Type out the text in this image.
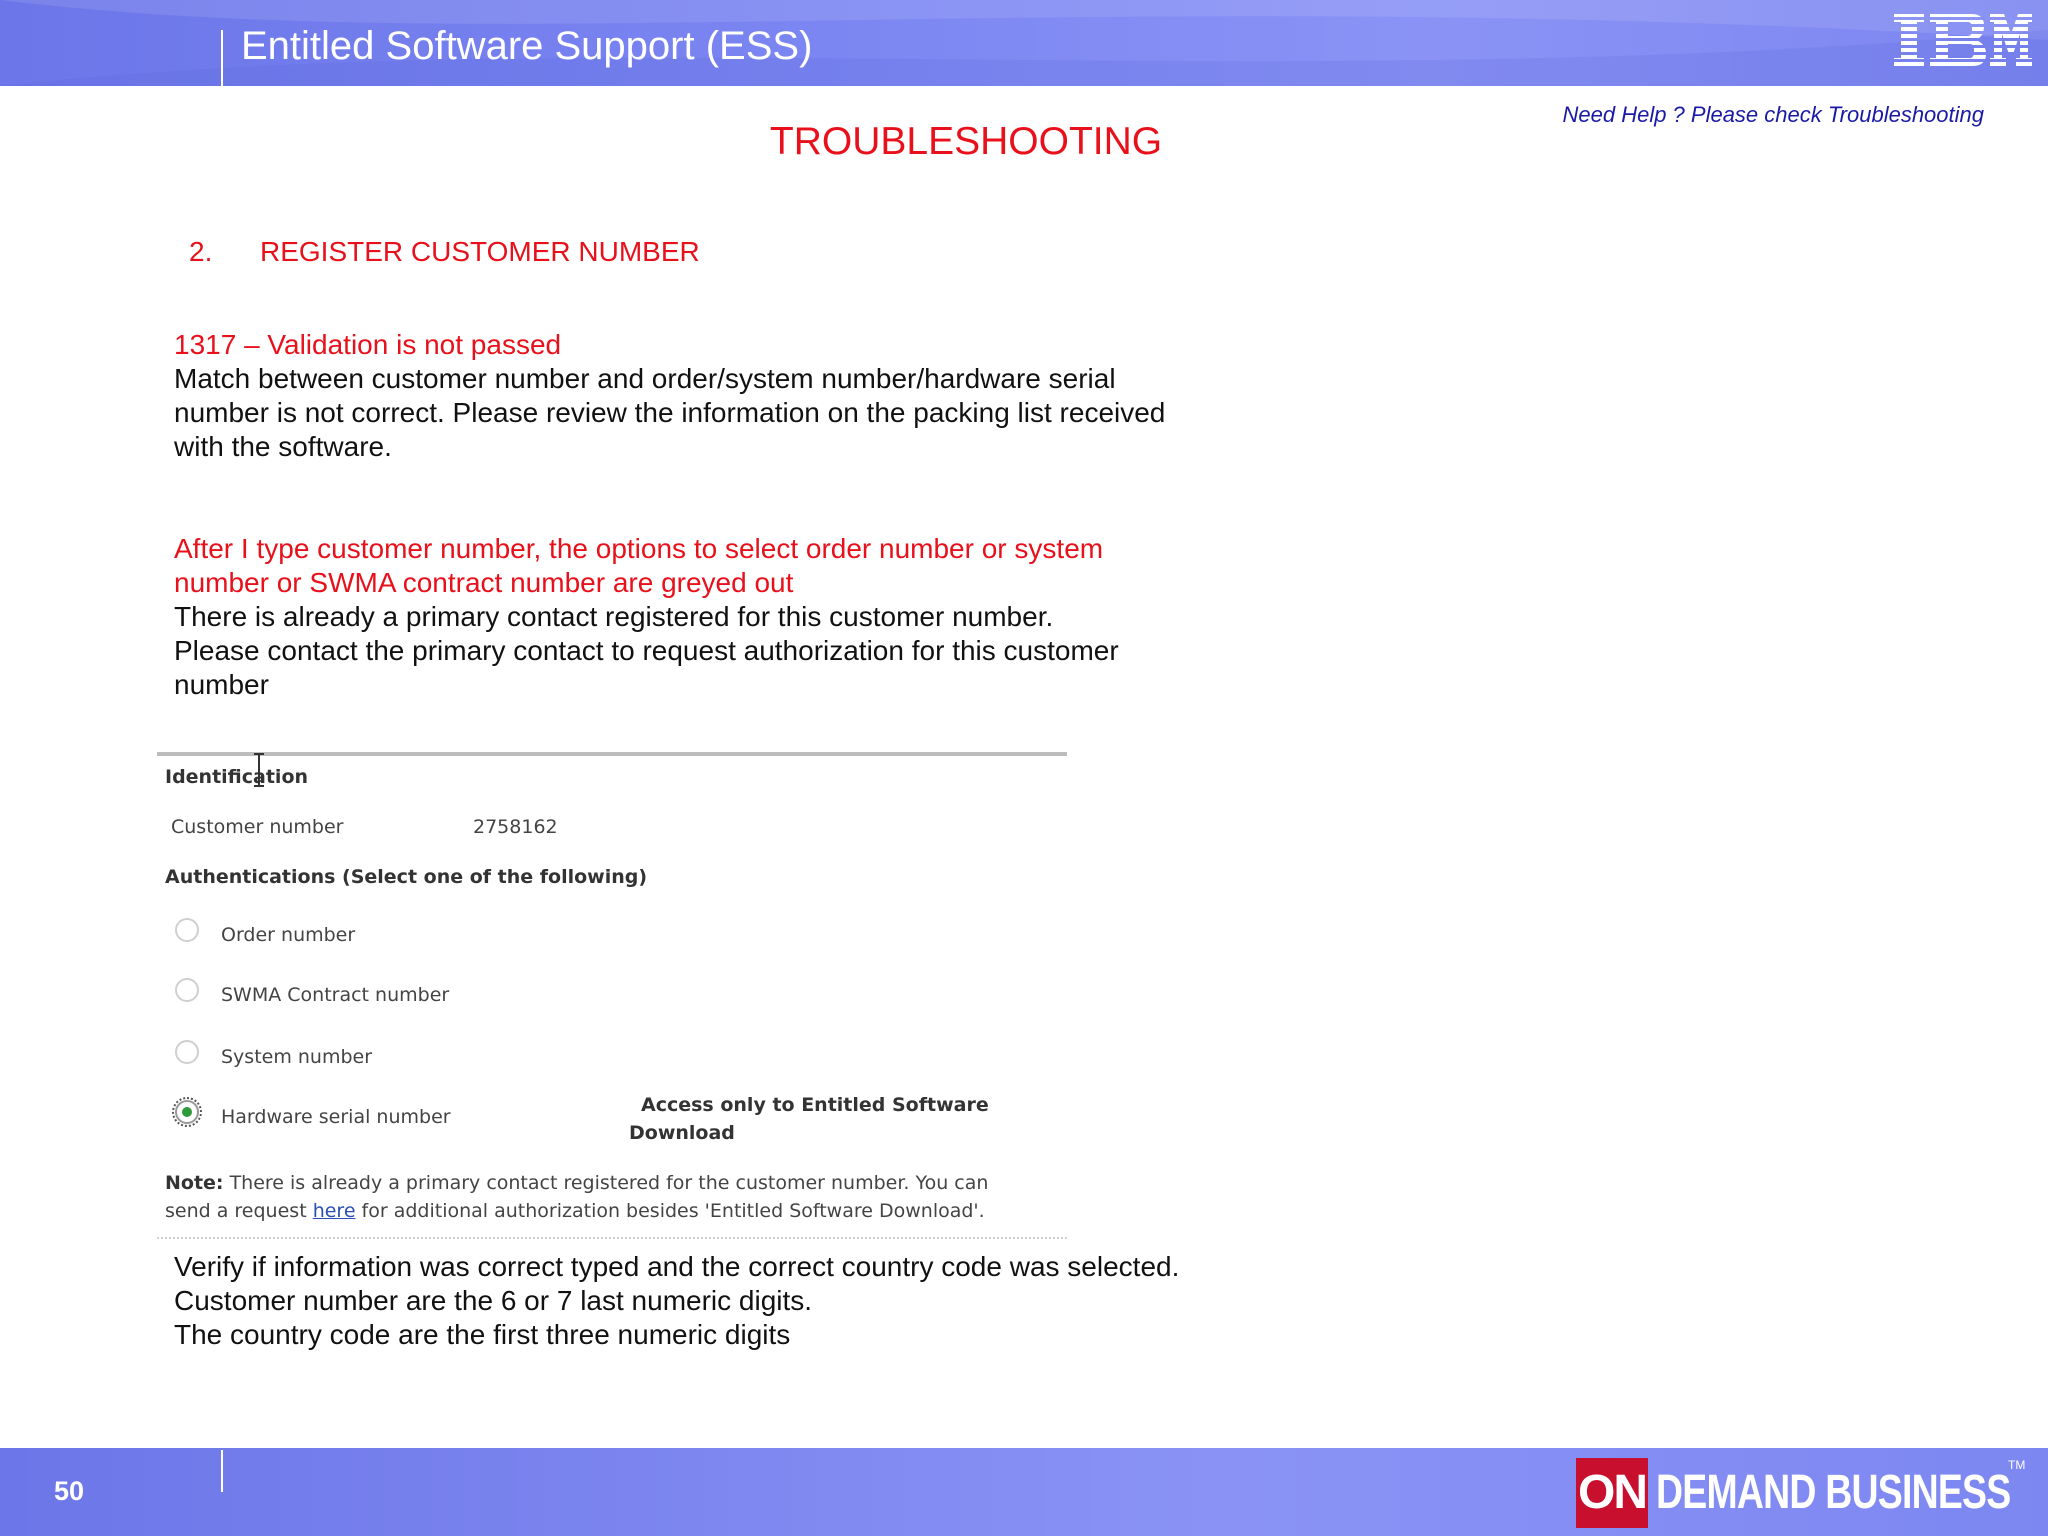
Entitled Software Support (ESS)
Need Help ? Please check Troubleshooting
TROUBLESHOOTING
2. REGISTER CUSTOMER NUMBER
1317 – Validation is not passed
Match between customer number and order/system number/hardware serial
number is not correct. Please review the information on the packing list received
with the software.
After I type customer number, the options to select order number or system
number or SWMA contract number are greyed out
There is already a primary contact registered for this customer number.
Please contact the primary contact to request authorization for this customer
number
Identification
Customer number	2758162
Authentications (Select one of the following)
Order number
SWMA Contract number
System number
Hardware serial number
Access only to Entitled Software
Download
Note: There is already a primary contact registered for the customer number. You can
send a request here for additional authorization besides 'Entitled Software Download'.
Verify if information was correct typed and the correct country code was selected.
Customer number are the 6 or 7 last numeric digits.
The country code are the first three numeric digits
50	ON DEMAND BUSINESS
TM
